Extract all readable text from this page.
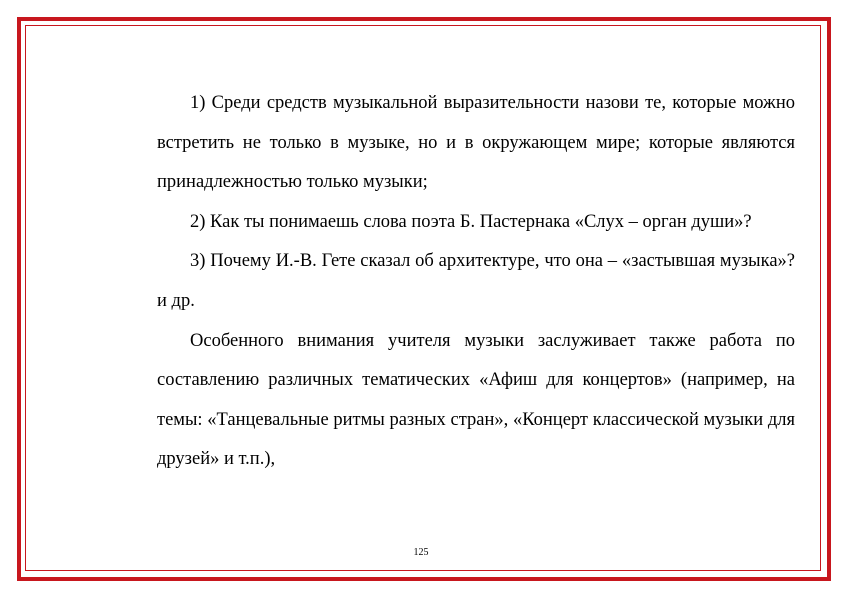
1) Среди средств музыкальной выразительности назови те, которые можно встретить не только в музыке, но и в окружающем мире; которые являются принадлежностью только музыки;

2) Как ты понимаешь слова поэта Б. Пастернака «Слух – орган души»?

3) Почему И.-В. Гете сказал об архитектуре, что она – «застывшая музыка»? и др.

Особенного внимания учителя музыки заслуживает также работа по составлению различных тематических «Афиш для концертов» (например, на темы: «Танцевальные ритмы разных стран», «Концерт классической музыки для друзей» и т.п.),

125
